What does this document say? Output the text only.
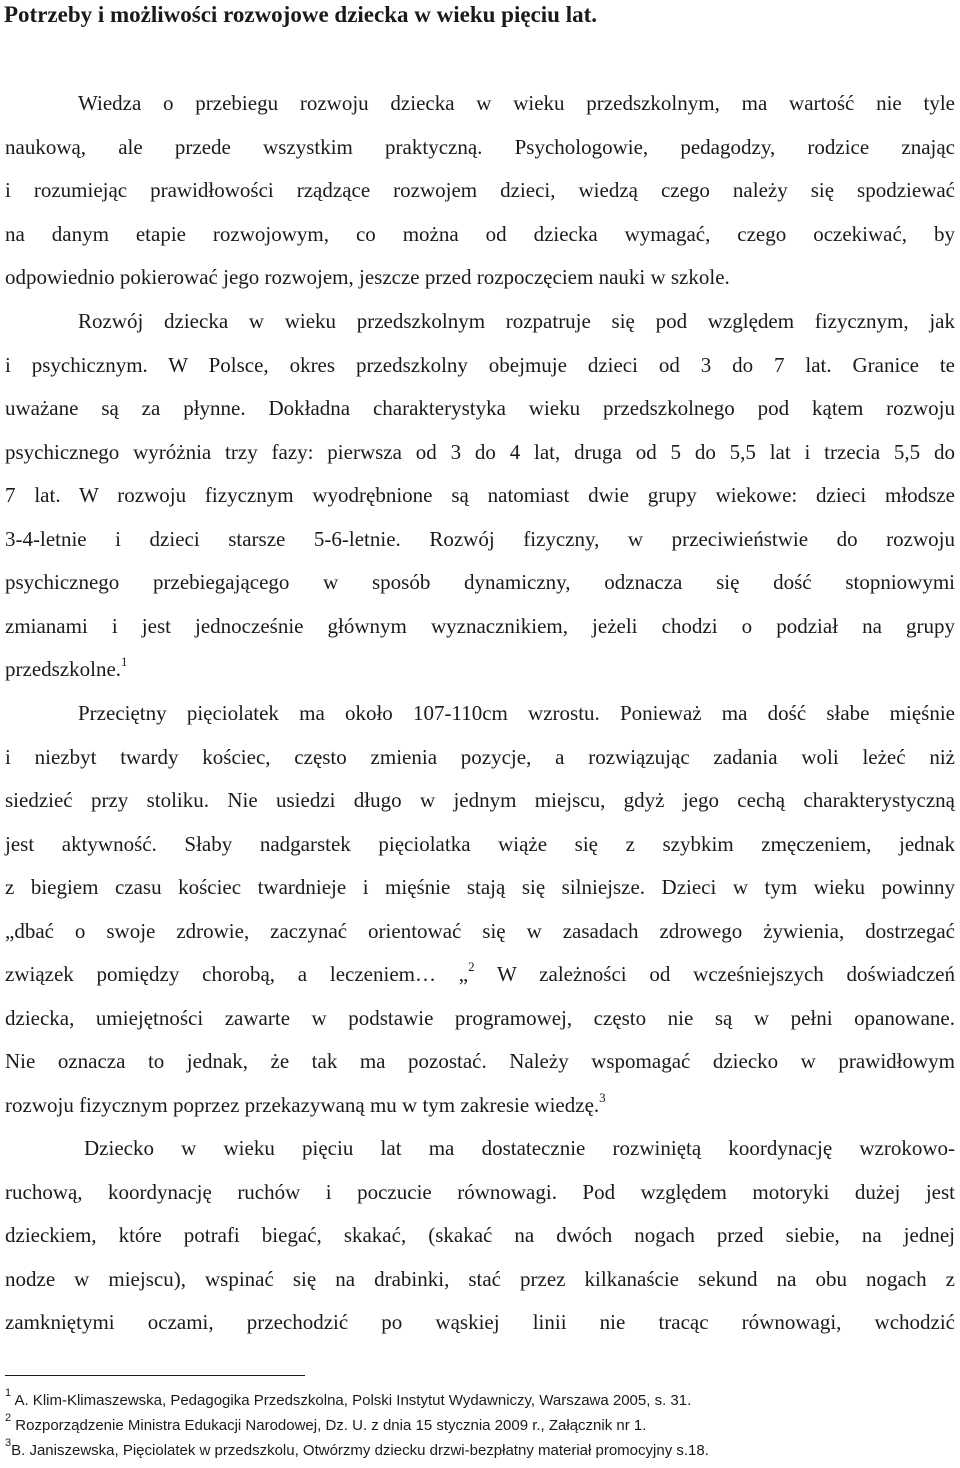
Potrzeby i możliwości rozwojowe dziecka w wieku pięciu lat.
Wiedza o przebiegu rozwoju dziecka w wieku przedszkolnym, ma wartość nie tyle
naukową, ale przede wszystkim praktyczną. Psychologowie, pedagodzy, rodzice znając
i rozumiejąc prawidłowości rządzące rozwojem dzieci, wiedzą czego należy się spodziewać
na danym etapie rozwojowym, co można od dziecka wymagać, czego oczekiwać, by
odpowiednio pokierować jego rozwojem, jeszcze przed rozpoczęciem nauki w szkole.
Rozwój dziecka w wieku przedszkolnym rozpatruje się pod względem fizycznym, jak
i psychicznym. W Polsce, okres przedszkolny obejmuje dzieci od 3 do 7 lat. Granice te
uważane są za płynne. Dokładna charakterystyka wieku przedszkolnego pod kątem rozwoju
psychicznego wyróżnia trzy fazy: pierwsza od 3 do 4 lat, druga od 5 do 5,5 lat i trzecia 5,5 do
7 lat. W rozwoju fizycznym wyodrębnione są natomiast dwie grupy wiekowe: dzieci młodsze
3-4-letnie i dzieci starsze 5-6-letnie. Rozwój fizyczny, w przeciwieństwie do rozwoju
psychicznego przebiegającego w sposób dynamiczny, odznacza się dość stopniowymi
zmianami i jest jednocześnie głównym wyznacznikiem, jeżeli chodzi o podział na grupy
przedszkolne.$^1$
Przeciętny pięciolatek ma około 107-110cm wzrostu. Ponieważ ma dość słabe mięśnie
i niezbyt twardy kościec, często zmienia pozycje, a rozwiązując zadania woli leżeć niż
siedzieć przy stoliku. Nie usiedzi długo w jednym miejscu, gdyż jego cechą charakterystyczną
jest aktywność. Słaby nadgarstek pięciolatka wiąże się z szybkim zmęczeniem, jednak
z biegiem czasu kościec twardnieje i mięśnie stają się silniejsze. Dzieci w tym wieku powinny
„dbać o swoje zdrowie, zaczynać orientować się w zasadach zdrowego żywienia, dostrzegać
związek pomiędzy chorobą, a leczeniem… „$^2$ W zależności od wcześniejszych doświadczeń
dziecka, umiejętności zawarte w podstawie programowej, często nie są w pełni opanowane.
Nie oznacza to jednak, że tak ma pozostać. Należy wspomagać dziecko w prawidłowym
rozwoju fizycznym poprzez przekazywaną mu w tym zakresie wiedzę.$^3$
Dziecko w wieku pięciu lat ma dostatecznie rozwiniętą koordynację wzrokowo-
ruchową, koordynację ruchów i poczucie równowagi. Pod względem motoryki dużej jest
dzieckiem, które potrafi biegać, skakać, (skakać na dwóch nogach przed siebie, na jednej
nodze w miejscu), wspinać się na drabinki, stać przez kilkanaście sekund na obu nogach z
zamkniętymi oczami, przechodzić po wąskiej linii nie tracąc równowagi, wchodzić
$^1$ A. Klim-Klimaszewska, Pedagogika Przedszkolna, Polski Instytut Wydawniczy, Warszawa 2005, s. 31.
$^2$ Rozporządzenie Ministra Edukacji Narodowej, Dz. U. z dnia 15 stycznia 2009 r., Załącznik nr 1.
$^3$B. Janiszewska, Pięciolatek w przedszkolu, Otwórzmy dziecku drzwi-bezpłatny materiał promocyjny s.18.
